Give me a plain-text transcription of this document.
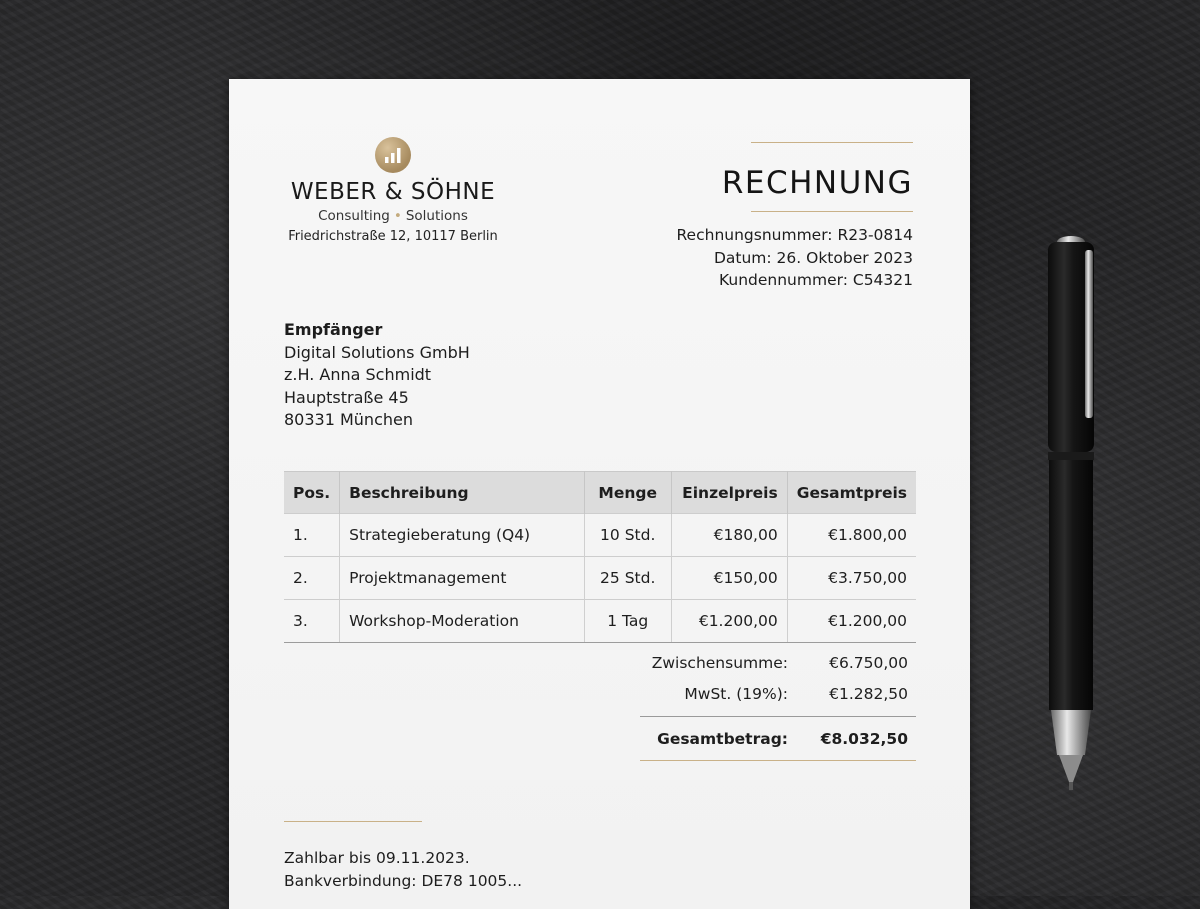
WEBER & SÖHNE
Consulting • Solutions
Friedrichstraße 12, 10117 Berlin
RECHNUNG
Rechnungsnummer: R23-0814
Datum: 26. Oktober 2023
Kundennummer: C54321
Empfänger
Digital Solutions GmbH
z.H. Anna Schmidt
Hauptstraße 45
80331 München
Pos.	Beschreibung	Menge	Einzelpreis	Gesamtpreis
1.	Strategieberatung (Q4)	10 Std.	€180,00	€1.800,00
2.	Projektmanagement	25 Std.	€150,00	€3.750,00
3.	Workshop-Moderation	1 Tag	€1.200,00	€1.200,00
Zwischensumme:	€6.750,00
MwSt. (19%):	€1.282,50
Gesamtbetrag:	€8.032,50
Zahlbar bis 09.11.2023.
Bankverbindung: DE78 1005...
